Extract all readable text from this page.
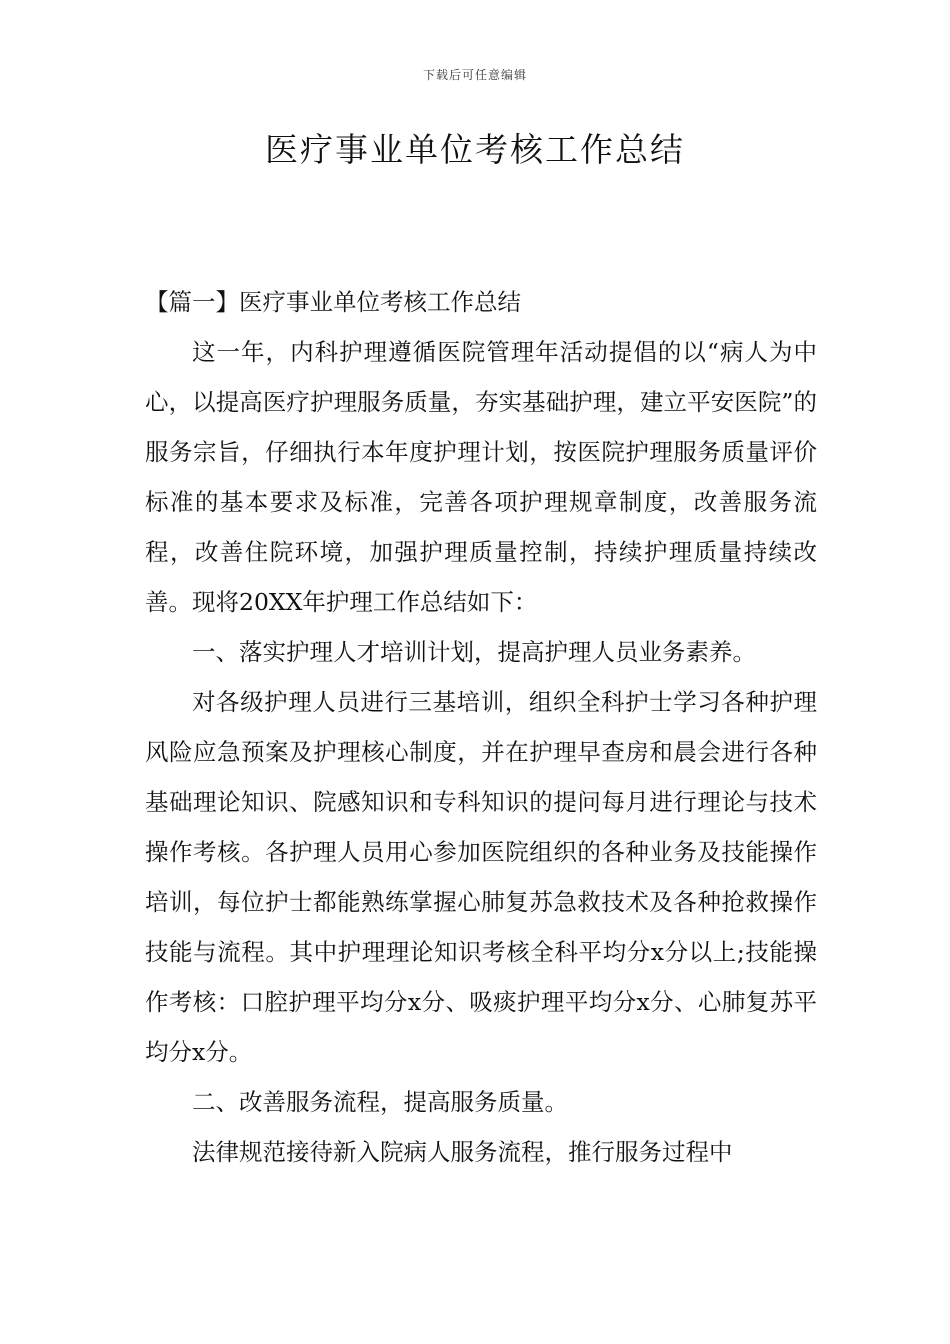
下载后可任意编辑
医疗事业单位考核工作总结

【篇一】医疗事业单位考核工作总结

这一年，内科护理遵循医院管理年活动提倡的以“病人为中心，以提高医疗护理服务质量，夯实基础护理，建立平安医院”的服务宗旨，仔细执行本年度护理计划，按医院护理服务质量评价标准的基本要求及标准，完善各项护理规章制度，改善服务流程，改善住院环境，加强护理质量控制，持续护理质量持续改善。现将20XX年护理工作总结如下：

一、落实护理人才培训计划，提高护理人员业务素养。

对各级护理人员进行三基培训，组织全科护士学习各种护理风险应急预案及护理核心制度，并在护理早查房和晨会进行各种基础理论知识、院感知识和专科知识的提问每月进行理论与技术操作考核。各护理人员用心参加医院组织的各种业务及技能操作培训，每位护士都能熟练掌握心肺复苏急救技术及各种抢救操作技能与流程。其中护理理论知识考核全科平均分x分以上;技能操作考核：口腔护理平均分x分、吸痰护理平均分x分、心肺复苏平均分x分。

二、改善服务流程，提高服务质量。

法律规范接待新入院病人服务流程，推行服务过程中
